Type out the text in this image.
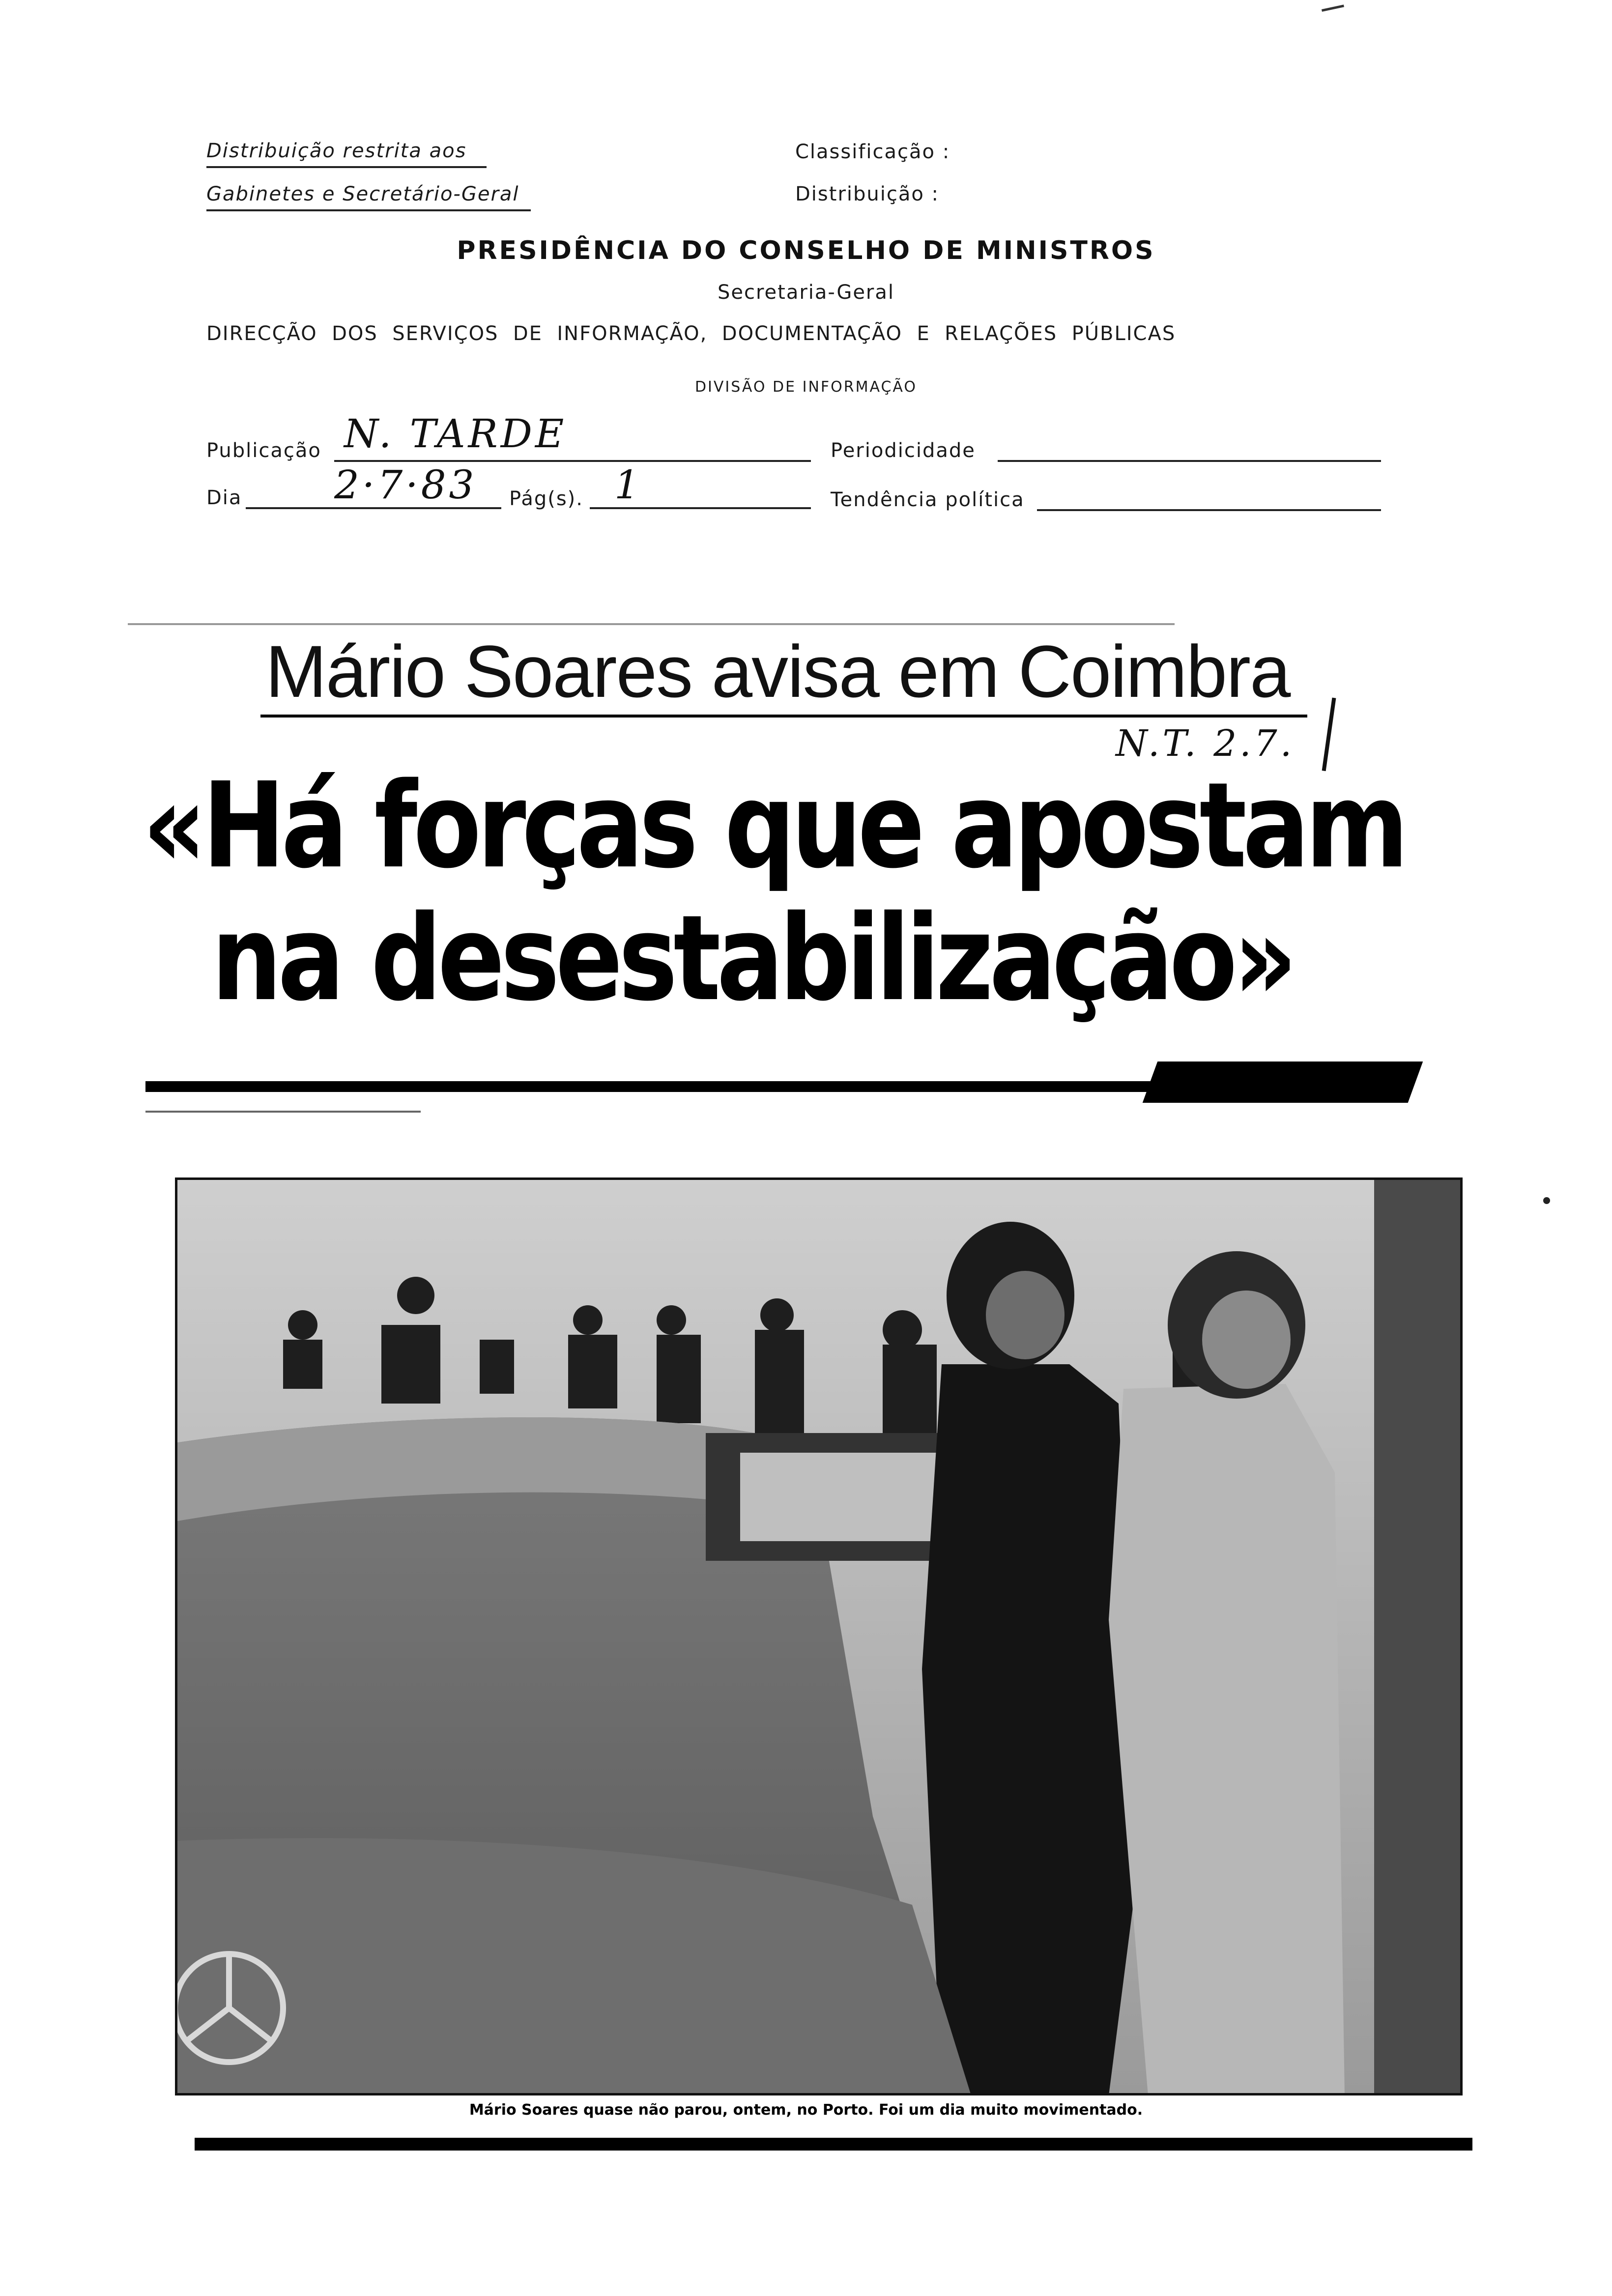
Distribuição restrita aos
Gabinetes e Secretário-Geral
Classificação :
Distribuição :
PRESIDÊNCIA DO CONSELHO DE MINISTROS
Secretaria-Geral
DIRECÇÃO  DOS  SERVIÇOS  DE  INFORMAÇÃO,  DOCUMENTAÇÃO  E  RELAÇÕES  PÚBLICAS
DIVISÃO DE INFORMAÇÃO
Publicação N. TARDE	Periodicidade
Dia 2·7·83 Pág(s). 1	Tendência política
Mário Soares avisa em Coimbra
N.T. 2.7.
«Há forças que apostam
na desestabilização»
Mário Soares quase não parou, ontem, no Porto. Foi um dia muito movimentado.
